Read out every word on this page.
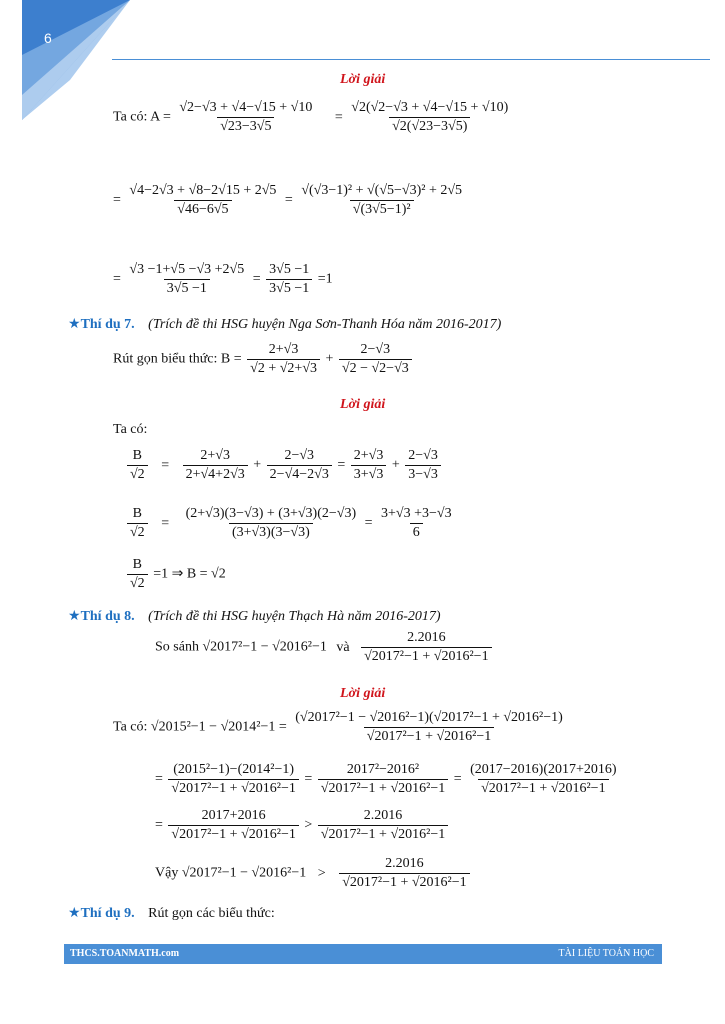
6
Lời giải
Ta có: $A = \frac{√2-√3 + √4-√15 + √10}{√23-3√5} = \frac{√2(√2-√3 + √4-√15 + √10)}{√2(√23-3√5)}$
= $\frac{√4-2√3 + √8-2√15 + 2√5}{√46-6√5} = \frac{\text{√(√3−1)² + √(√5−√3)² + 2√5}}{\text{√(3√5−1)²}}$
= $\frac{√3 -1+√5 -√3 +2√5}{3√5 -1} = \frac{3√5 -1}{3√5 -1} =1$
★Thí dụ 7. (Trích đề thi HSG huyện Nga Sơn-Thanh Hóa năm 2016-2017)
Rút gọn biểu thức: $B = \frac{2+√3}{√2 + √2+√3} + \frac{2-√3}{√2 - √2-√3}$
Lời giải
Ta có:
$\frac{B}{√2} = \frac{2+√3}{2+√4+2√3} + \frac{2-√3}{2-√4-2√3} = \frac{2+√3}{3+√3} + \frac{2-√3}{3-√3}$
$\frac{B}{√2} = \frac{(2+√3)(3-√3) + (3+√3)(2-√3)}{(3+√3)(3-√3)} = \frac{3+√3 +3-√3}{6}$
$\frac{B}{√2} =1$ ⇒ B = √2
★Thí dụ 8. (Trích đề thi HSG huyện Thạch Hà năm 2016-2017)
So sánh √2017²−1 − √2016²−1 và $\frac{2.2016}{\text{√2017²−1 + √2016²−1}}$
Lời giải
Ta có: $√2015^2-1 - √2014^2-1 = \frac{\text{(√2017²−1 − √2016²−1)(√2017²−1 + √2016²−1)}}{\text{√2017²−1 + √2016²−1}}$
= $\frac{\text{(2015²−1)−(2014²−1)}}{\text{√2017²−1 + √2016²−1}} = \frac{\text{2017²−2016²}}{\text{√2017²−1 + √2016²−1}} = \frac{(2017-2016)(2017+2016)}{\text{√2017²−1 + √2016²−1}}$
= $\frac{2017+2016}{\text{√2017²−1 + √2016²−1}} > \frac{2.2016}{\text{√2017²−1 + √2016²−1}}$
Vậy $√2017^2-1 - √2016^2-1 > \frac{2.2016}{\text{√2017²−1 + √2016²−1}}$
★Thí dụ 9. Rút gọn các biểu thức:
THCS.TOANMATH.com	TÀI LIỆU TOÁN HỌC
